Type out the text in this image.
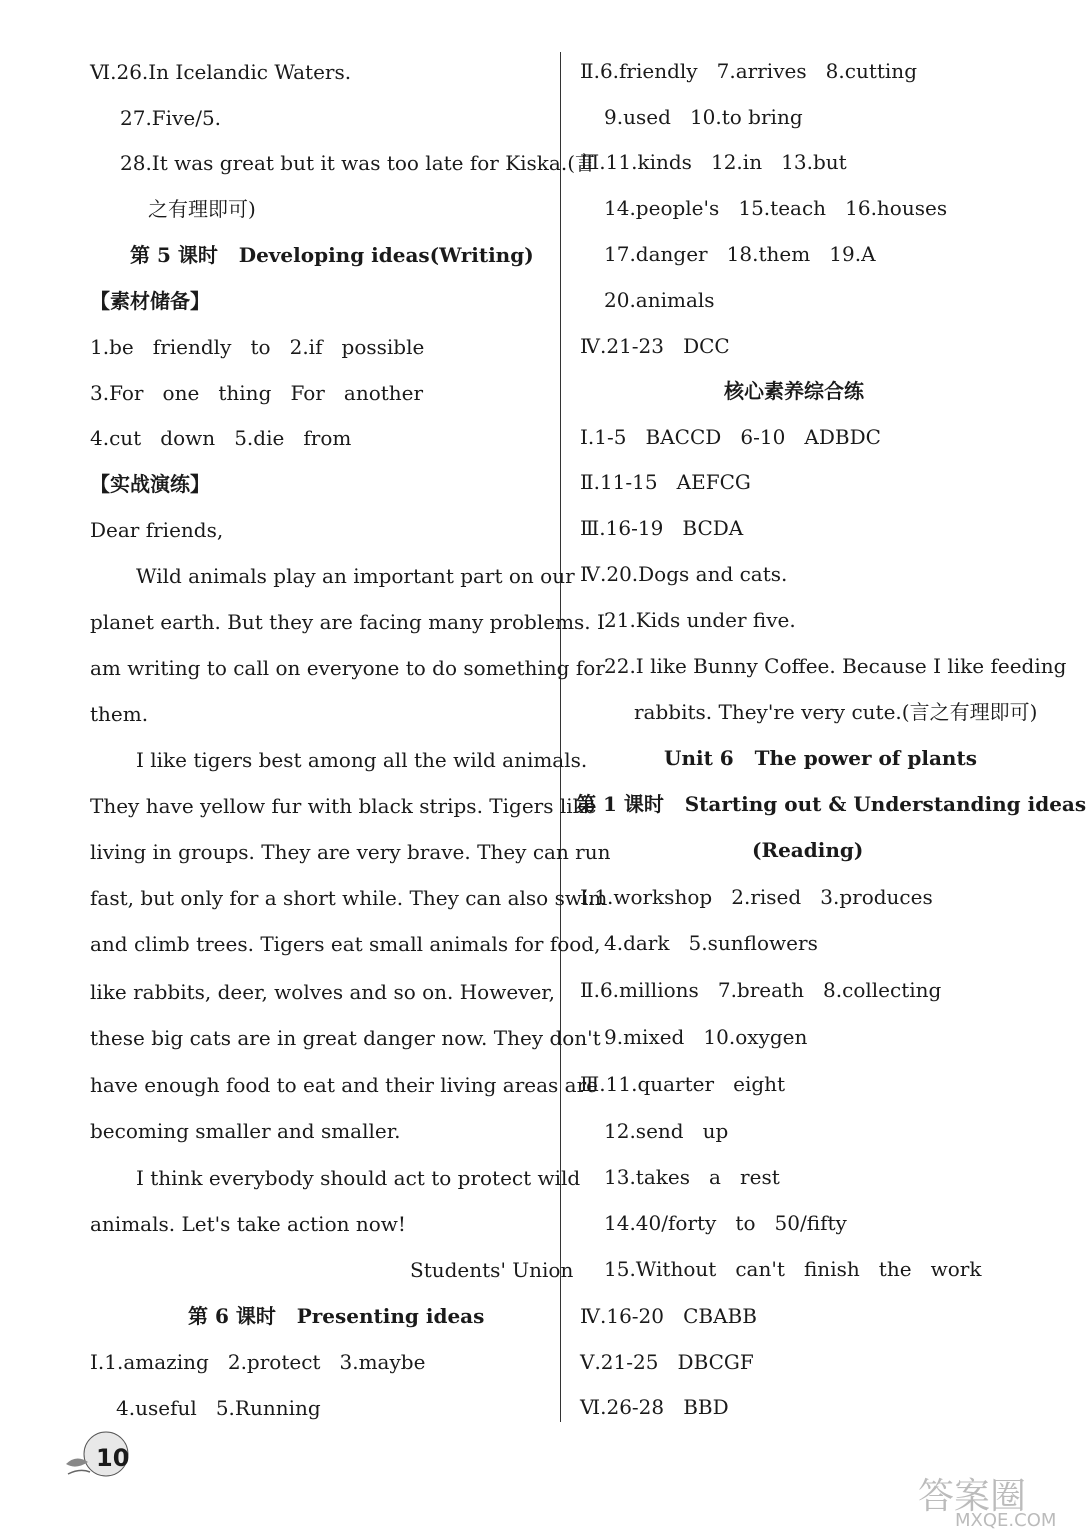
Ⅵ.26.In Icelandic Waters.
27.Five/5.
28.It was great but it was too late for Kiska.(言
之有理即可)
第 5 课时   Developing ideas(Writing)
【素材储备】
1.be   friendly   to   2.if   possible
3.For   one   thing   For   another
4.cut   down   5.die   from
【实战演练】
Dear friends,
Wild animals play an important part on our
planet earth. But they are facing many problems. I
am writing to call on everyone to do something for
them.
I like tigers best among all the wild animals.
They have yellow fur with black strips. Tigers like
living in groups. They are very brave. They can run
fast, but only for a short while. They can also swim
and climb trees. Tigers eat small animals for food,
like rabbits, deer, wolves and so on. However,
these big cats are in great danger now. They don't
have enough food to eat and their living areas are
becoming smaller and smaller.
I think everybody should act to protect wild
animals. Let's take action now!
Students' Union
第 6 课时   Presenting ideas
Ⅰ.1.amazing   2.protect   3.maybe
4.useful   5.Running
Ⅱ.6.friendly   7.arrives   8.cutting
9.used   10.to bring
Ⅲ.11.kinds   12.in   13.but
14.people's   15.teach   16.houses
17.danger   18.them   19.A
20.animals
Ⅳ.21-23   DCC
核心素养综合练
Ⅰ.1-5   BACCD   6-10   ADBDC
Ⅱ.11-15   AEFCG
Ⅲ.16-19   BCDA
Ⅳ.20.Dogs and cats.
21.Kids under five.
22.I like Bunny Coffee. Because I like feeding
rabbits. They're very cute.(言之有理即可)
Unit 6   The power of plants
第 1 课时   Starting out & Understanding ideas
(Reading)
Ⅰ.1.workshop   2.rised   3.produces
4.dark   5.sunflowers
Ⅱ.6.millions   7.breath   8.collecting
9.mixed   10.oxygen
Ⅲ.11.quarter   eight
12.send   up
13.takes   a   rest
14.40/forty   to   50/fifty
15.Without   can't   finish   the   work
Ⅳ.16-20   CBABB
Ⅴ.21-25   DBCGF
Ⅵ.26-28   BBD
10
答案圈
MXQE.COM
